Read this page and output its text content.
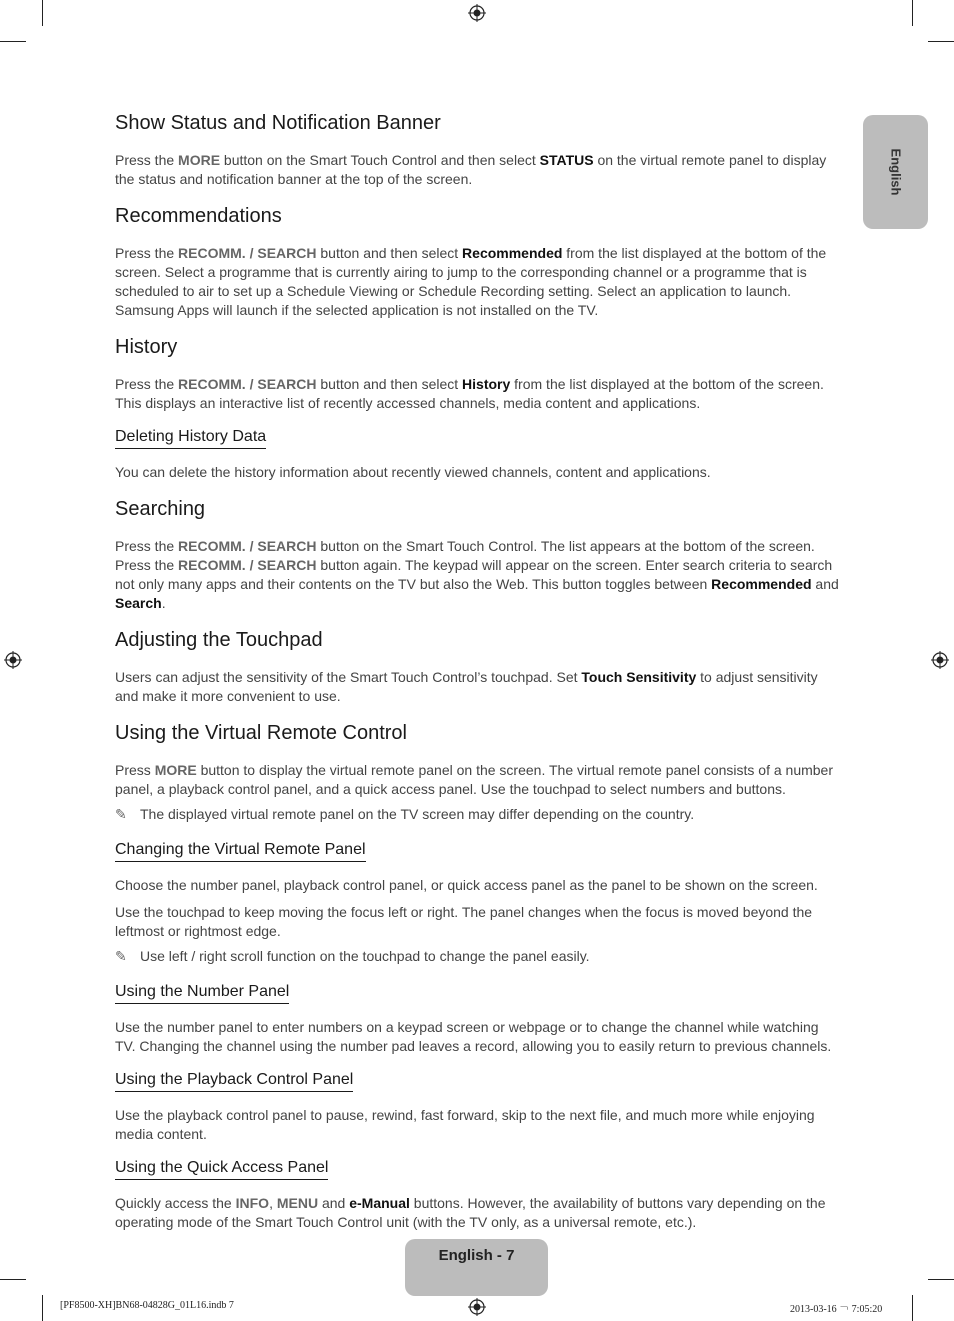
English
Show Status and Notification Banner

Press the MORE button on the Smart Touch Control and then select STATUS on the virtual remote panel to display the status and notification banner at the top of the screen.

Recommendations

Press the RECOMM. / SEARCH button and then select Recommended from the list displayed at the bottom of the screen. Select a programme that is currently airing to jump to the corresponding channel or a programme that is scheduled to air to set up a Schedule Viewing or Schedule Recording setting. Select an application to launch. Samsung Apps will launch if the selected application is not installed on the TV.

History

Press the RECOMM. / SEARCH button and then select History from the list displayed at the bottom of the screen. This displays an interactive list of recently accessed channels, media content and applications.

Deleting History Data

You can delete the history information about recently viewed channels, content and applications.

Searching

Press the RECOMM. / SEARCH button on the Smart Touch Control. The list appears at the bottom of the screen. Press the RECOMM. / SEARCH button again. The keypad will appear on the screen. Enter search criteria to search not only many apps and their contents on the TV but also the Web. This button toggles between Recommended and Search.

Adjusting the Touchpad

Users can adjust the sensitivity of the Smart Touch Control’s touchpad. Set Touch Sensitivity to adjust sensitivity and make it more convenient to use.

Using the Virtual Remote Control

Press MORE button to display the virtual remote panel on the screen. The virtual remote panel consists of a number panel, a playback control panel, and a quick access panel. Use the touchpad to select numbers and buttons.

✎ The displayed virtual remote panel on the TV screen may differ depending on the country.

Changing the Virtual Remote Panel

Choose the number panel, playback control panel, or quick access panel as the panel to be shown on the screen.

Use the touchpad to keep moving the focus left or right. The panel changes when the focus is moved beyond the leftmost or rightmost edge.

✎ Use left / right scroll function on the touchpad to change the panel easily.

Using the Number Panel

Use the number panel to enter numbers on a keypad screen or webpage or to change the channel while watching TV. Changing the channel using the number pad leaves a record, allowing you to easily return to previous channels.

Using the Playback Control Panel

Use the playback control panel to pause, rewind, fast forward, skip to the next file, and much more while enjoying media content.

Using the Quick Access Panel

Quickly access the INFO, MENU and e-Manual buttons. However, the availability of buttons vary depending on the operating mode of the Smart Touch Control unit (with the TV only, as a universal remote, etc.).

English - 7
[PF8500-XH]BN68-04828G_01L16.indb 7	2013-03-16 ￢ 7:05:20
